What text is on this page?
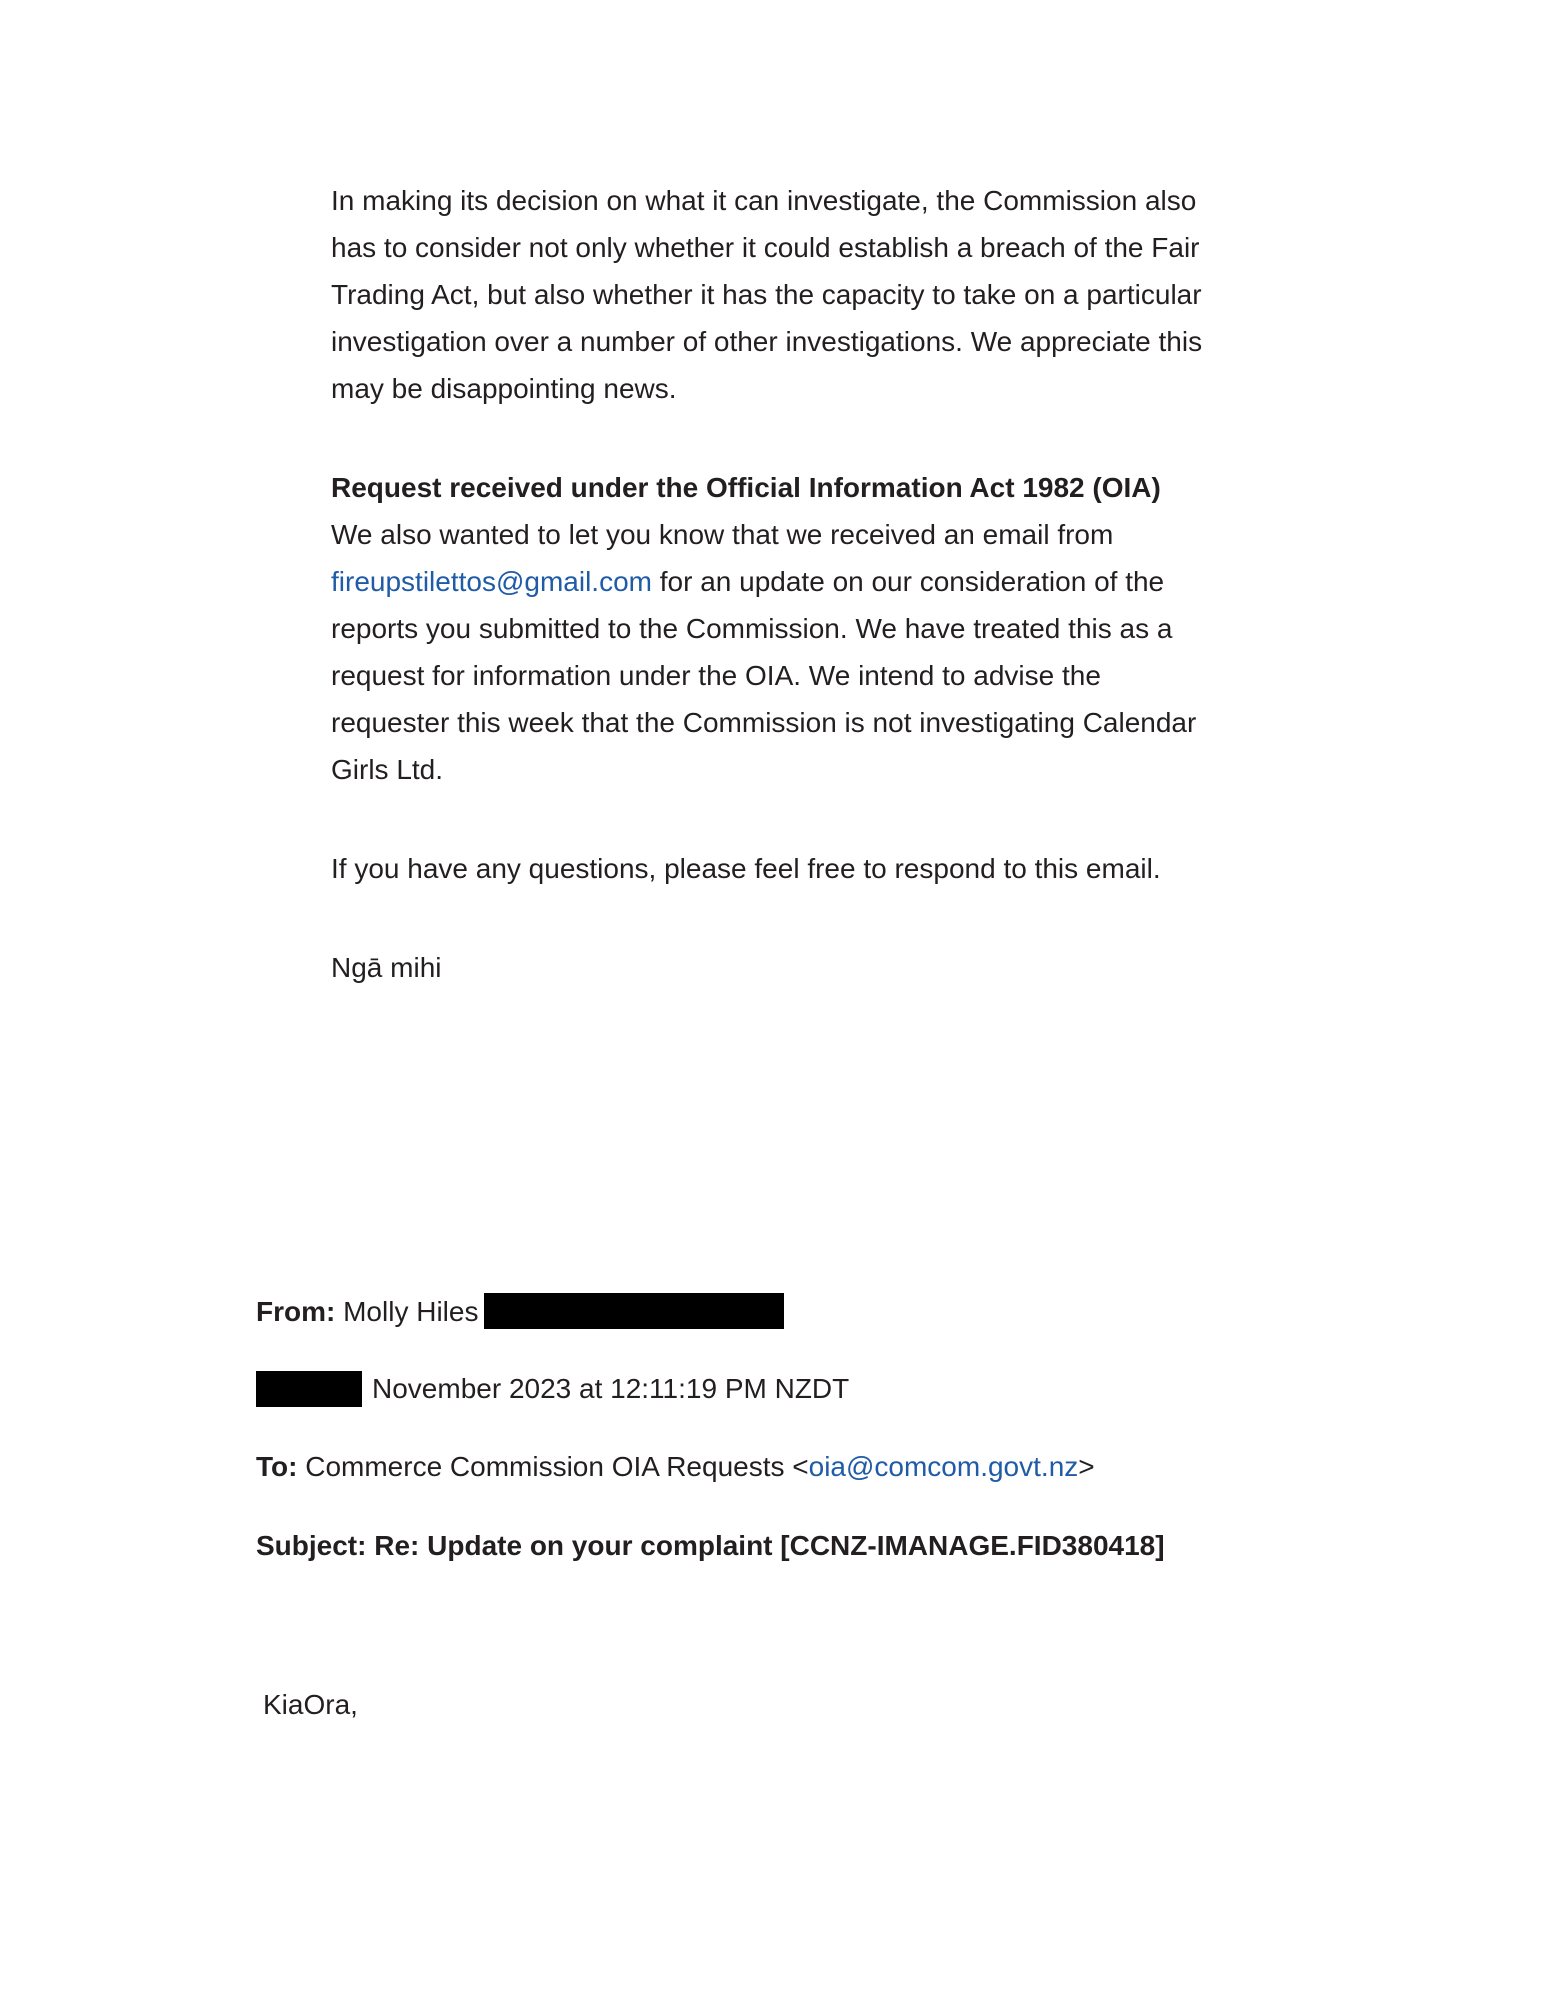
In making its decision on what it can investigate, the Commission also has to consider not only whether it could establish a breach of the Fair Trading Act, but also whether it has the capacity to take on a particular investigation over a number of other investigations. We appreciate this may be disappointing news.

Request received under the Official Information Act 1982 (OIA)
We also wanted to let you know that we received an email from
fireupstilettos@gmail.com for an update on our consideration of the reports you submitted to the Commission. We have treated this as a request for information under the OIA. We intend to advise the requester this week that the Commission is not investigating Calendar Girls Ltd.

If you have any questions, please feel free to respond to this email.

Ngā mihi

From: Molly Hiles
November 2023 at 12:11:19 PM NZDT
To: Commerce Commission OIA Requests <oia@comcom.govt.nz>
Subject: Re: Update on your complaint [CCNZ-IMANAGE.FID380418]
KiaOra,
